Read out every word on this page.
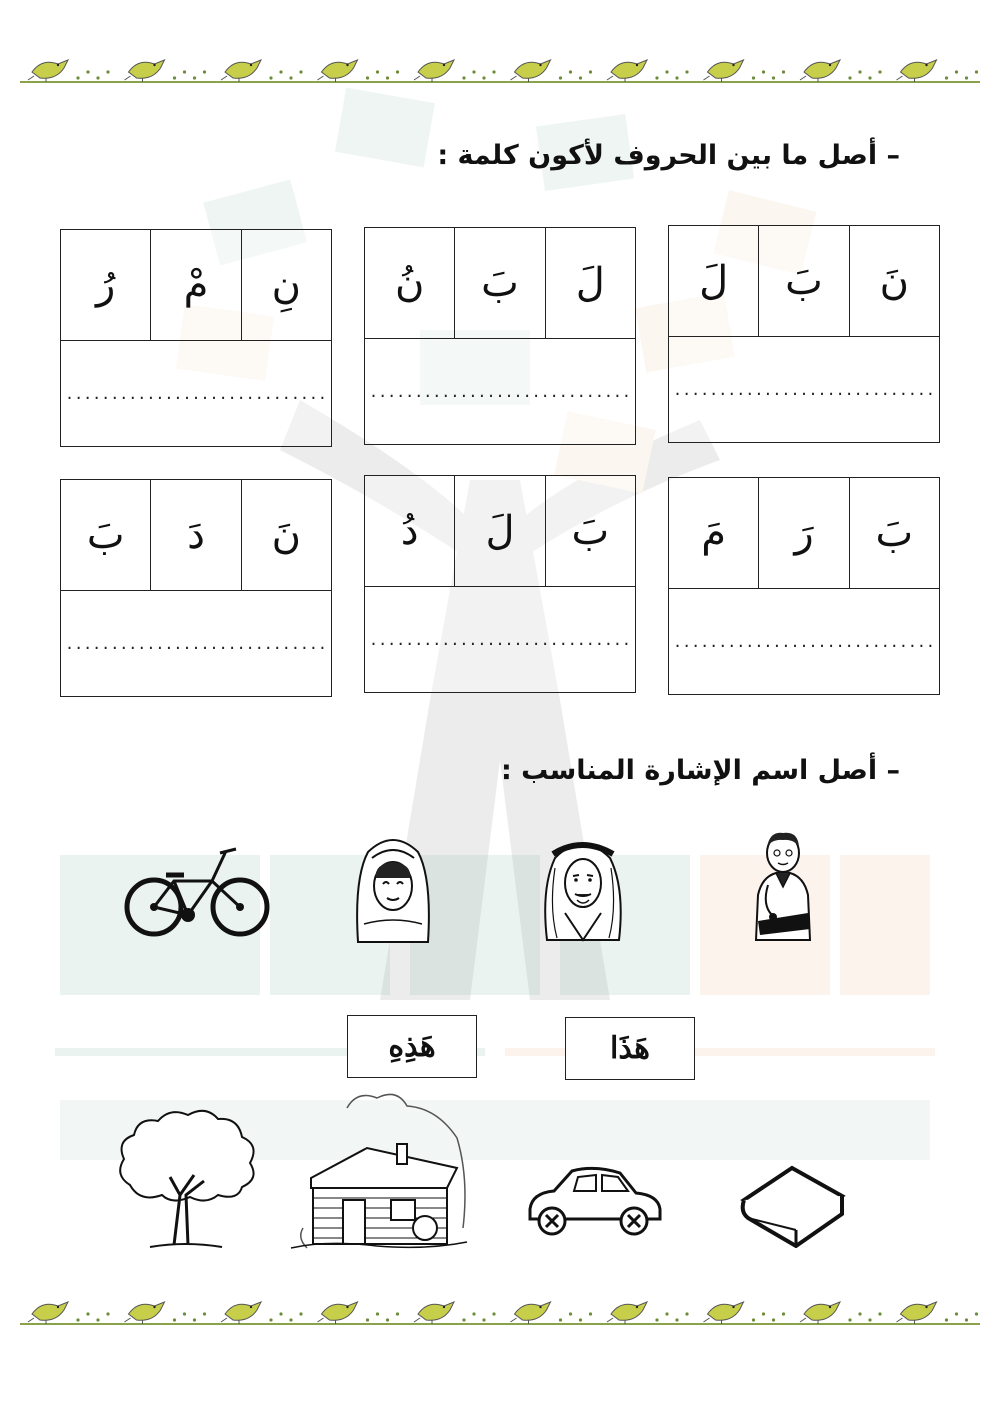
– أصل ما بين الحروف لأكون كلمة :
نَ
بَ
لَ
.............................
لَ
بَ
نُ
.............................
نِ
مْ
رُ
.............................
بَ
رَ
مَ
.............................
بَ
لَ
دُ
.............................
نَ
دَ
بَ
.............................
– أصل اسم الإشارة المناسب :
هَذَا
هَذِهِ
